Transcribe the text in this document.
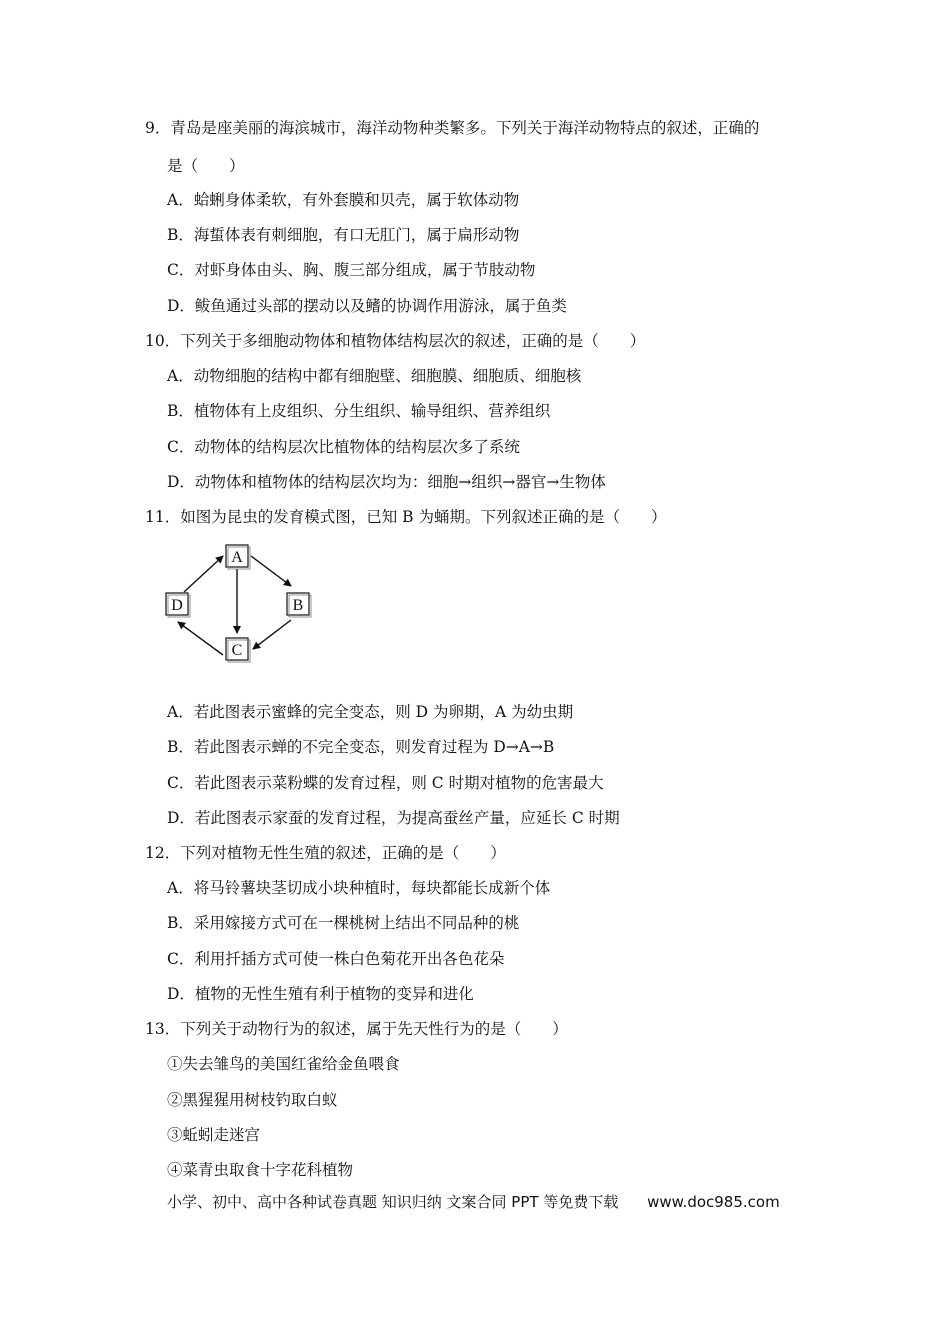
9．青岛是座美丽的海滨城市，海洋动物种类繁多。下列关于海洋动物特点的叙述，正确的
是（　　）
A．蛤蜊身体柔软，有外套膜和贝壳，属于软体动物
B．海蜇体表有刺细胞，有口无肛门，属于扁形动物
C．对虾身体由头、胸、腹三部分组成，属于节肢动物
D．鲅鱼通过头部的摆动以及鳍的协调作用游泳，属于鱼类
10．下列关于多细胞动物体和植物体结构层次的叙述，正确的是（　　）
A．动物细胞的结构中都有细胞壁、细胞膜、细胞质、细胞核
B．植物体有上皮组织、分生组织、输导组织、营养组织
C．动物体的结构层次比植物体的结构层次多了系统
D．动物体和植物体的结构层次均为：细胞→组织→器官→生物体
11．如图为昆虫的发育模式图，已知 B 为蛹期。下列叙述正确的是（　　）
A
B
C
D
A．若此图表示蜜蜂的完全变态，则 D 为卵期，A 为幼虫期
B．若此图表示蝉的不完全变态，则发育过程为 D→A→B
C．若此图表示菜粉蝶的发育过程，则 C 时期对植物的危害最大
D．若此图表示家蚕的发育过程，为提高蚕丝产量，应延长 C 时期
12．下列对植物无性生殖的叙述，正确的是（　　）
A．将马铃薯块茎切成小块种植时，每块都能长成新个体
B．采用嫁接方式可在一棵桃树上结出不同品种的桃
C．利用扦插方式可使一株白色菊花开出各色花朵
D．植物的无性生殖有利于植物的变异和进化
13．下列关于动物行为的叙述，属于先天性行为的是（　　）
①失去雏鸟的美国红雀给金鱼喂食
②黑猩猩用树枝钓取白蚁
③蚯蚓走迷宫
④菜青虫取食十字花科植物
小学、初中、高中各种试卷真题 知识归纳 文案合同 PPT 等免费下载 www.doc985.com
